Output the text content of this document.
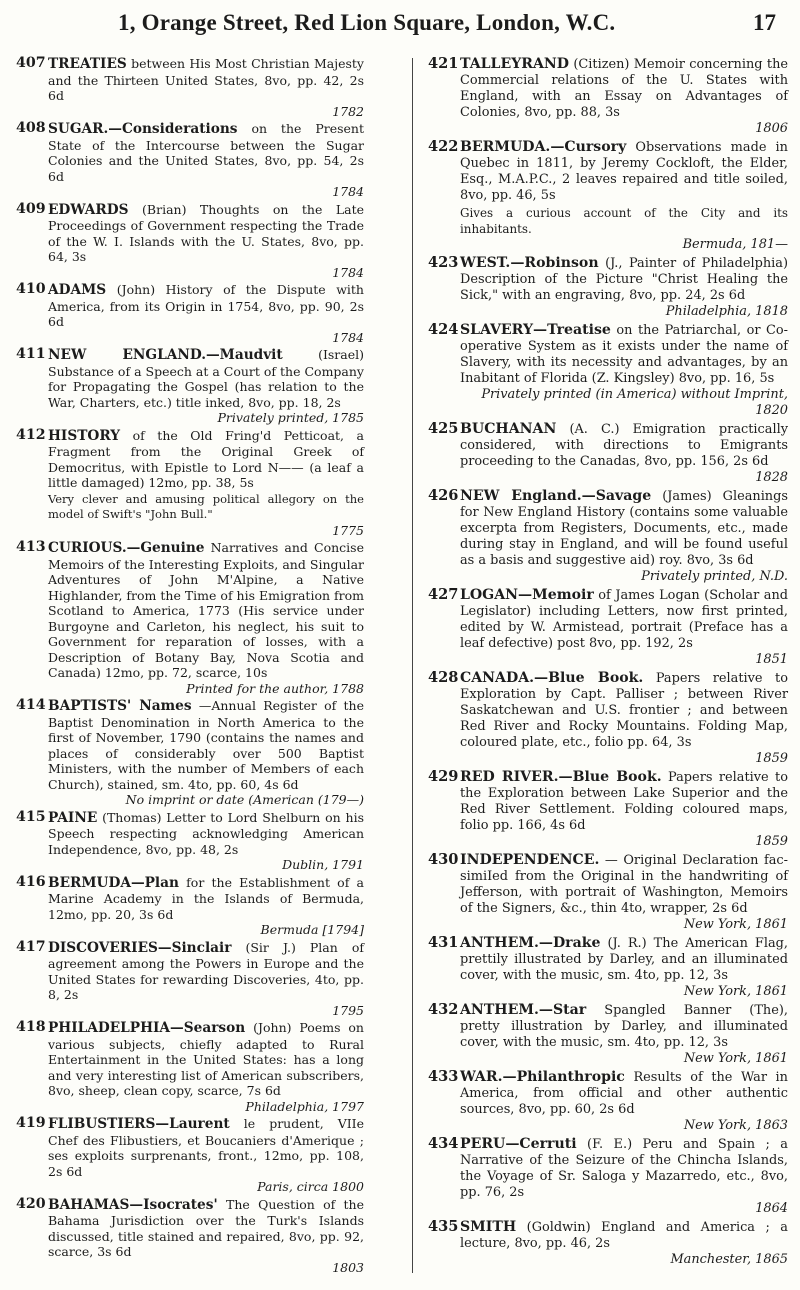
1, Orange Street, Red Lion Square, London, W.C.	17
407 TREATIES between His Most Christian Majesty and the Thirteen United States, 8vo, pp. 42, 2s 6d
1782
408 SUGAR.—Considerations on the Present State of the Intercourse between the Sugar Colonies and the United States, 8vo, pp. 54, 2s 6d
1784
409 EDWARDS (Brian) Thoughts on the Late Proceedings of Government respecting the Trade of the W. I. Islands with the U. States, 8vo, pp. 64, 3s
1784
410 ADAMS (John) History of the Dispute with America, from its Origin in 1754, 8vo, pp. 90, 2s 6d
1784
411 NEW ENGLAND.—Maudvit	(Israel) Substance of a Speech at a Court of the Company for Propagating the Gospel (has relation to the War, Charters, etc.) title inked, 8vo, pp. 18, 2s
Privately printed, 1785
412 HISTORY of the Old Fring'd Petticoat, a Fragment from the Original Greek of Democritus, with Epistle to Lord N—— (a leaf a little damaged) 12mo, pp. 38, 5s
Very clever and amusing political allegory on the model of Swift's "John Bull."
1775
413 CURIOUS.—Genuine Narratives and Concise Memoirs of the Interesting Exploits, and Singular Adventures of John M'Alpine, a Native Highlander, from the Time of his Emigration from Scotland to America, 1773 (His service under Burgoyne and Carleton, his neglect, his suit to Government for reparation of losses, with a Description of Botany Bay, Nova Scotia and Canada) 12mo, pp. 72, scarce, 10s
Printed for the author, 1788
414 BAPTISTS' Names —Annual Register of the Baptist Denomination in North America to the first of November, 1790 (contains the names and places of considerably over 500 Baptist Ministers, with the number of Members of each Church), stained, sm. 4to, pp. 60, 4s 6d
No imprint or date (American (179—)
415 PAINE (Thomas) Letter to Lord Shelburn on his Speech respecting acknowledging American Independence, 8vo, pp. 48, 2s
Dublin, 1791
416 BERMUDA—Plan for the Establishment of a Marine Academy in the Islands of Bermuda, 12mo, pp. 20, 3s 6d
Bermuda [1794]
417 DISCOVERIES—Sinclair (Sir J.) Plan of agreement among the Powers in Europe and the United States for rewarding Discoveries, 4to, pp. 8, 2s
1795
418 PHILADELPHIA—Searson (John) Poems on various subjects, chiefly adapted to Rural Entertainment in the United States: has a long and very interesting list of American subscribers, 8vo, sheep, clean copy, scarce, 7s 6d
Philadelphia, 1797
419 FLIBUSTIERS—Laurent le prudent, VIIe Chef des Flibustiers, et Boucaniers d'Amerique ; ses exploits surprenants, front., 12mo, pp. 108, 2s 6d
Paris, circa 1800
420 BAHAMAS—Isocrates' The Question of the Bahama Jurisdiction over the Turk's Islands discussed, title stained and repaired, 8vo, pp. 92, scarce, 3s 6d
1803
421 TALLEYRAND (Citizen) Memoir concerning the Commercial relations of the U. States with England, with an Essay on Advantages of Colonies, 8vo, pp. 88, 3s
1806
422 BERMUDA.—Cursory Observations made in Quebec in 1811, by Jeremy Cockloft, the Elder, Esq., M.A.P.C., 2 leaves repaired and title soiled, 8vo, pp. 46, 5s
Gives a curious account of the City and its inhabitants.
Bermuda, 181—
423 WEST.—Robinson (J., Painter of Philadelphia) Description of the Picture "Christ Healing the Sick," with an engraving, 8vo, pp. 24, 2s 6d
Philadelphia, 1818
424 SLAVERY—Treatise on the Patriarchal, or Co-operative System as it exists under the name of Slavery, with its necessity and advantages, by an Inabitant of Florida (Z. Kingsley) 8vo, pp. 16, 5s
Privately printed (in America) without Imprint, 1820
425 BUCHANAN (A. C.) Emigration practically considered, with directions to Emigrants proceeding to the Canadas, 8vo, pp. 156, 2s 6d
1828
426 NEW England.—Savage (James) Gleanings for New England History (contains some valuable excerpta from Registers, Documents, etc., made during stay in England, and will be found useful as a basis and suggestive aid) roy. 8vo, 3s 6d
Privately printed, N.D.
427 LOGAN—Memoir of James Logan (Scholar and Legislator) including Letters, now first printed, edited by W. Armistead, portrait (Preface has a leaf defective) post 8vo, pp. 192, 2s
1851
428 CANADA.—Blue Book. Papers relative to Exploration by Capt. Palliser ; between River Saskatchewan and U.S. frontier ; and between Red River and Rocky Mountains. Folding Map, coloured plate, etc., folio pp. 64, 3s
1859
429 RED RIVER.—Blue Book. Papers relative to the Exploration between Lake Superior and the Red River Settlement. Folding coloured maps, folio pp. 166, 4s 6d
1859
430 INDEPENDENCE. — Original Declaration fac-simiIed from the Original in the handwriting of Jefferson, with portrait of Washington, Memoirs of the Signers, &c., thin 4to, wrapper, 2s 6d
New York, 1861
431 ANTHEM.—Drake (J. R.) The American Flag, prettily illustrated by Darley, and an illuminated cover, with the music, sm. 4to, pp. 12, 3s
New York, 1861
432 ANTHEM.—Star Spangled Banner (The), pretty illustration by Darley, and illuminated cover, with the music, sm. 4to, pp. 12, 3s
New York, 1861
433 WAR.—Philanthropic Results of the War in America, from official and other authentic sources, 8vo, pp. 60, 2s 6d
New York, 1863
434 PERU—Cerruti (F. E.) Peru and Spain ; a Narrative of the Seizure of the Chincha Islands, the Voyage of Sr. Saloga y Mazarredo, etc., 8vo, pp. 76, 2s
1864
435 SMITH (Goldwin) England and America ; a lecture, 8vo, pp. 46, 2s
Manchester, 1865
